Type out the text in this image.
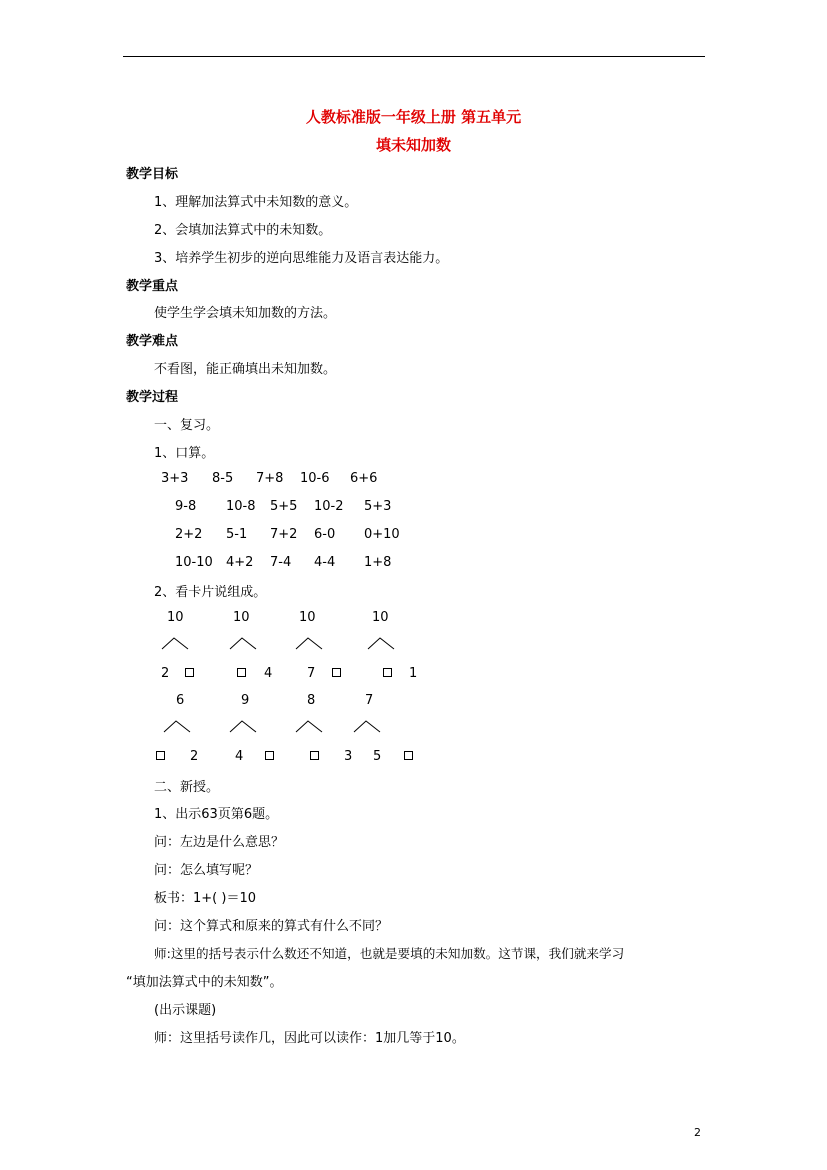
人教标准版一年级上册 第五单元
填未知加数
教学目标
1、理解加法算式中未知数的意义。
2、会填加法算式中的未知数。
3、培养学生初步的逆向思维能力及语言表达能力。
教学重点
使学生学会填未知加数的方法。
教学难点
不看图，能正确填出未知加数。
教学过程
一、复习。
1、口算。
3+3 8-5 7+8 10-6 6+6
9-8 10-8 5+5 10-2 5+3
2+2 5-1 7+2 6-0 0+10
10-10 4+2 7-4 4-4 1+8
2、看卡片说组成。
10	10	10	10
2	4	7	1
6	9	8	7
2	4	3 5
二、新授。
1、出示63页第6题。
问：左边是什么意思？
问：怎么填写呢？
板书：1+( )＝10
问：这个算式和原来的算式有什么不同？
师:这里的括号表示什么数还不知道，也就是要填的未知加数。这节课，我们就来学习
“填加法算式中的未知数”。
(出示课题)
师：这里括号读作几，因此可以读作：1加几等于10。
2
